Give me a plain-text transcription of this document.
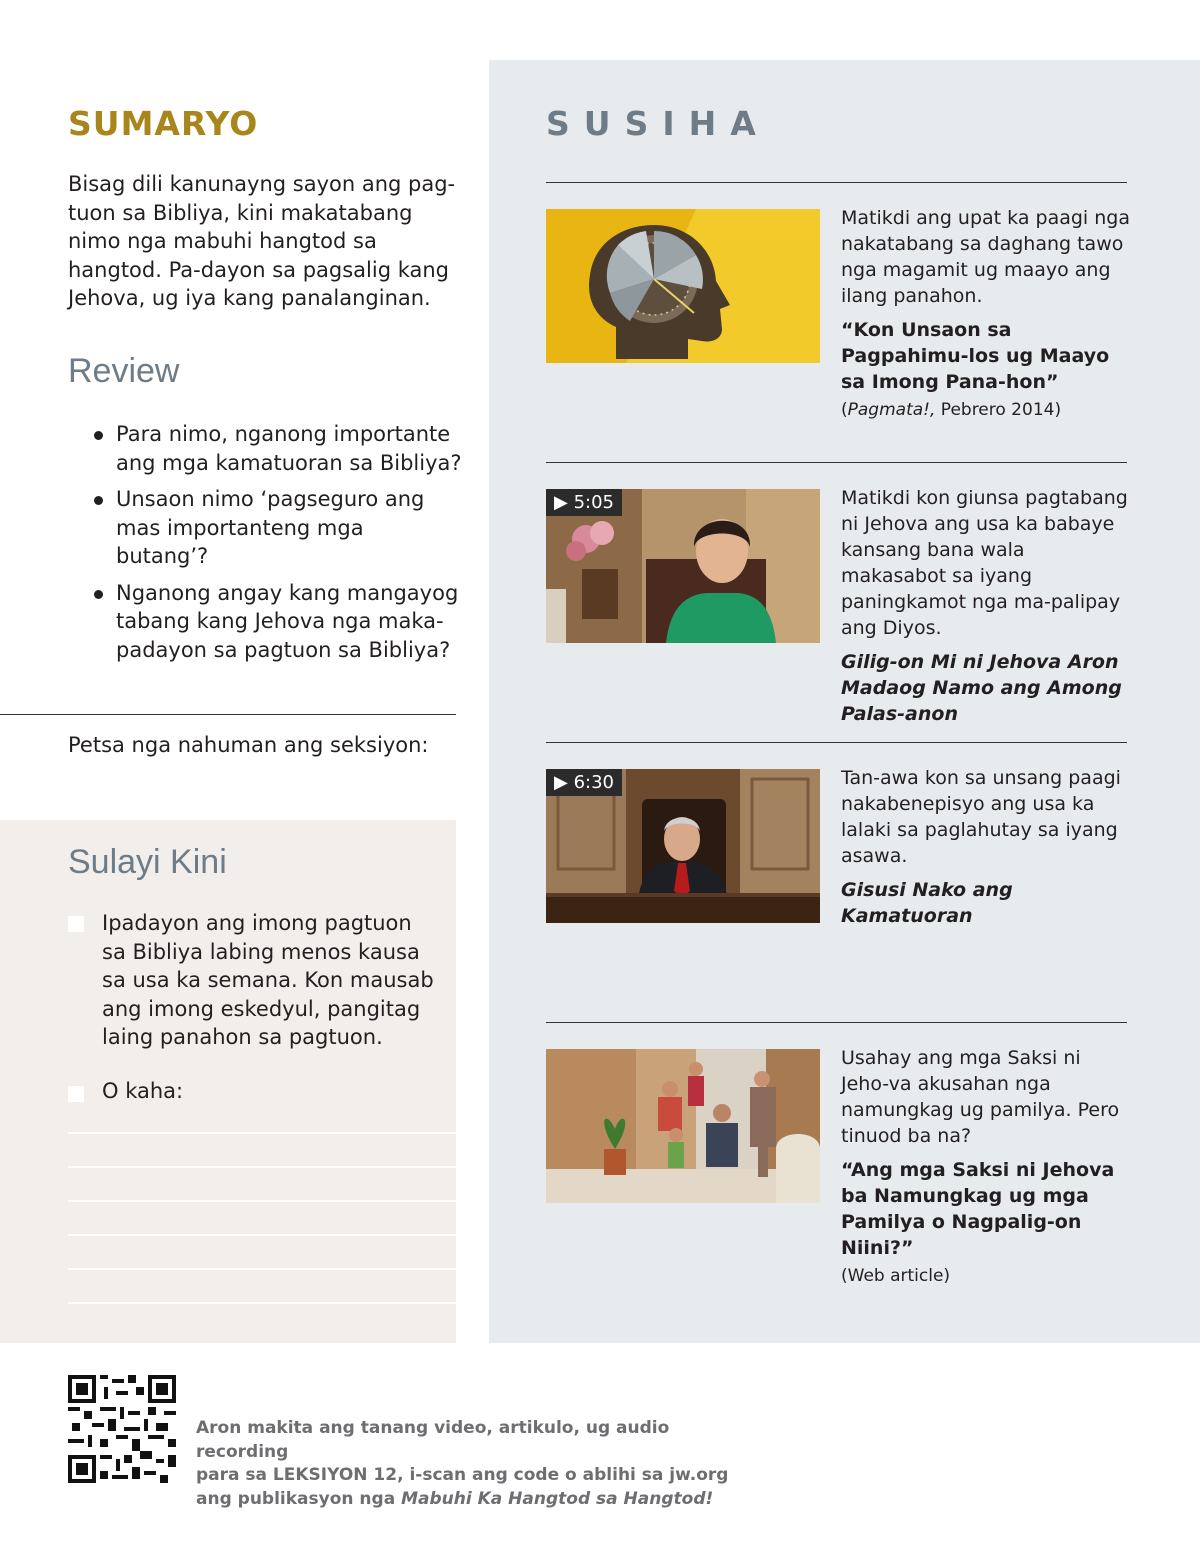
SUMARYO
Bisag dili kanunayng sayon ang pag-tuon sa Bibliya, kini makatabang nimo nga mabuhi hangtod sa hangtod. Pa-dayon sa pagsalig kang Jehova, ug iya kang panalanginan.
Review
Para nimo, nganong importante ang mga kamatuoran sa Bibliya?
Unsaon nimo ‘pagseguro ang mas importanteng mga butang’?
Nganong angay kang mangayog tabang kang Jehova nga maka-padayon sa pagtuon sa Bibliya?
Petsa nga nahuman ang seksiyon:
Sulayi Kini
Ipadayon ang imong pagtuon sa Bibliya labing menos kausa sa usa ka semana. Kon mausab ang imong eskedyul, pangitag laing panahon sa pagtuon.
O kaha:
SUSIHA
Matikdi ang upat ka paagi nga nakatabang sa daghang tawo nga magamit ug maayo ang ilang panahon.
“Kon Unsaon sa Pagpahimu-los ug Maayo sa Imong Pana-hon” (Pagmata!, Pebrero 2014)
▶ 5:05	Matikdi kon giunsa pagtabang ni Jehova ang usa ka babaye kansang bana wala makasabot sa iyang paningkamot nga ma-palipay ang Diyos.
Gilig-on Mi ni Jehova Aron Madaog Namo ang Among Palas-anon
▶ 6:30	Tan-awa kon sa unsang paagi nakabenepisyo ang usa ka lalaki sa paglahutay sa iyang asawa.
Gisusi Nako ang Kamatuoran
Usahay ang mga Saksi ni Jeho-va akusahan nga namungkag ug pamilya. Pero tinuod ba na?
“Ang mga Saksi ni Jehova ba Namungkag ug mga Pamilya o Nagpalig-on Niini?”
(Web article)
Aron makita ang tanang video, artikulo, ug audio recording
para sa LEKSIYON 12, i-scan ang code o ablihi sa jw.org
ang publikasyon nga Mabuhi Ka Hangtod sa Hangtod!
